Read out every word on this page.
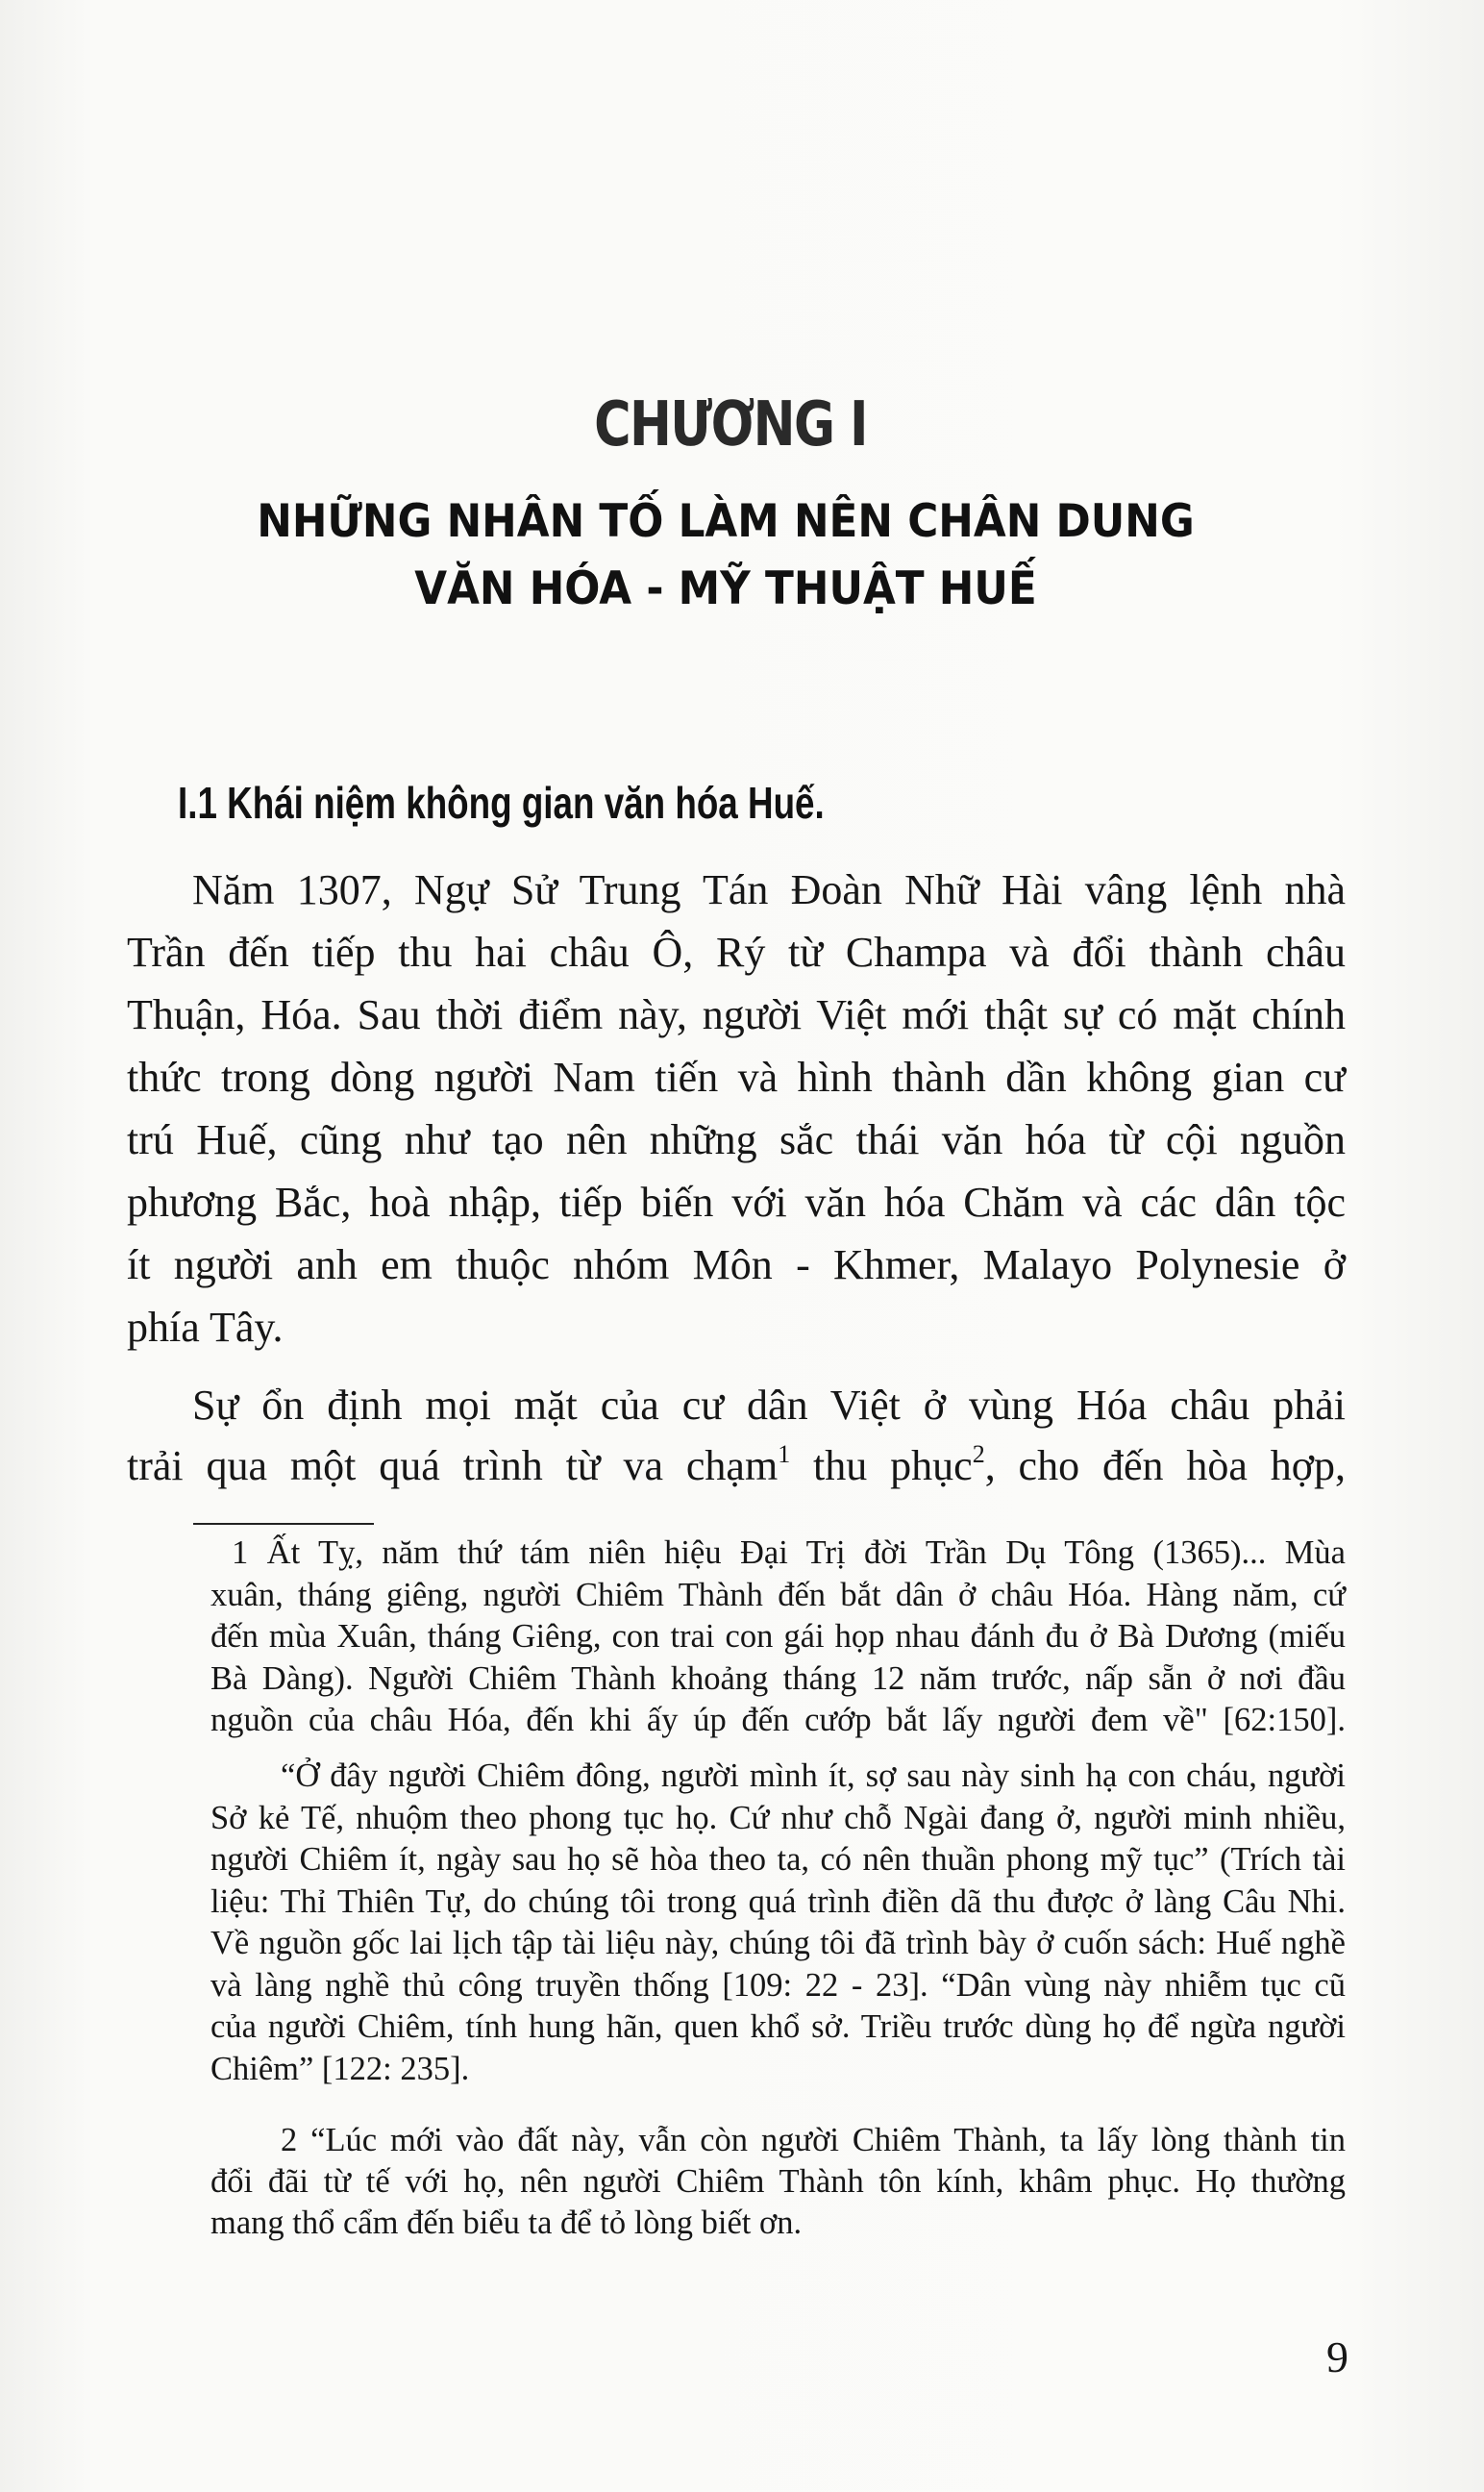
CHƯƠNG I
NHỮNG NHÂN TỐ LÀM NÊN CHÂN DUNG
VĂN HÓA - MỸ THUẬT HUẾ
I.1 Khái niệm không gian văn hóa Huế.
Năm 1307, Ngự Sử Trung Tán Đoàn Nhữ Hài vâng lệnh nhà
Trần đến tiếp thu hai châu Ô, Rý từ Champa và đổi thành châu
Thuận, Hóa. Sau thời điểm này, người Việt mới thật sự có mặt chính
thức trong dòng người Nam tiến và hình thành dần không gian cư
trú Huế, cũng như tạo nên những sắc thái văn hóa từ cội nguồn
phương Bắc, hoà nhập, tiếp biến với văn hóa Chăm và các dân tộc
ít người anh em thuộc nhóm Môn - Khmer, Malayo Polynesie ở
phía Tây.
Sự ổn định mọi mặt của cư dân Việt ở vùng Hóa châu phải
trải qua một quá trình từ va chạm$^1$ thu phục$^2$, cho đến hòa hợp,
1 Ất Tỵ, năm thứ tám niên hiệu Đại Trị đời Trần Dụ Tông (1365)... Mùa
xuân, tháng giêng, người Chiêm Thành đến bắt dân ở châu Hóa. Hàng năm, cứ
đến mùa Xuân, tháng Giêng, con trai con gái họp nhau đánh đu ở Bà Dương (miếu
Bà Dàng). Người Chiêm Thành khoảng tháng 12 năm trước, nấp sẵn ở nơi đầu
nguồn của châu Hóa, đến khi ấy úp đến cướp bắt lấy người đem về" [62:150].
“Ở đây người Chiêm đông, người mình ít, sợ sau này sinh hạ con cháu, người
Sở kẻ Tế, nhuộm theo phong tục họ. Cứ như chỗ Ngài đang ở, người minh nhiều,
người Chiêm ít, ngày sau họ sẽ hòa theo ta, có nên thuần phong mỹ tục” (Trích tài
liệu: Thỉ Thiên Tự, do chúng tôi trong quá trình điền dã thu được ở làng Câu Nhi.
Về nguồn gốc lai lịch tập tài liệu này, chúng tôi đã trình bày ở cuốn sách: Huế nghề
và làng nghề thủ công truyền thống [109: 22 - 23]. “Dân vùng này nhiễm tục cũ
của người Chiêm, tính hung hãn, quen khổ sở. Triều trước dùng họ để ngừa người
Chiêm” [122: 235].
2 “Lúc mới vào đất này, vẫn còn người Chiêm Thành, ta lấy lòng thành tin
đổi đãi từ tế với họ, nên người Chiêm Thành tôn kính, khâm phục. Họ thường
mang thổ cẩm đến biểu ta để tỏ lòng biết ơn.
9
